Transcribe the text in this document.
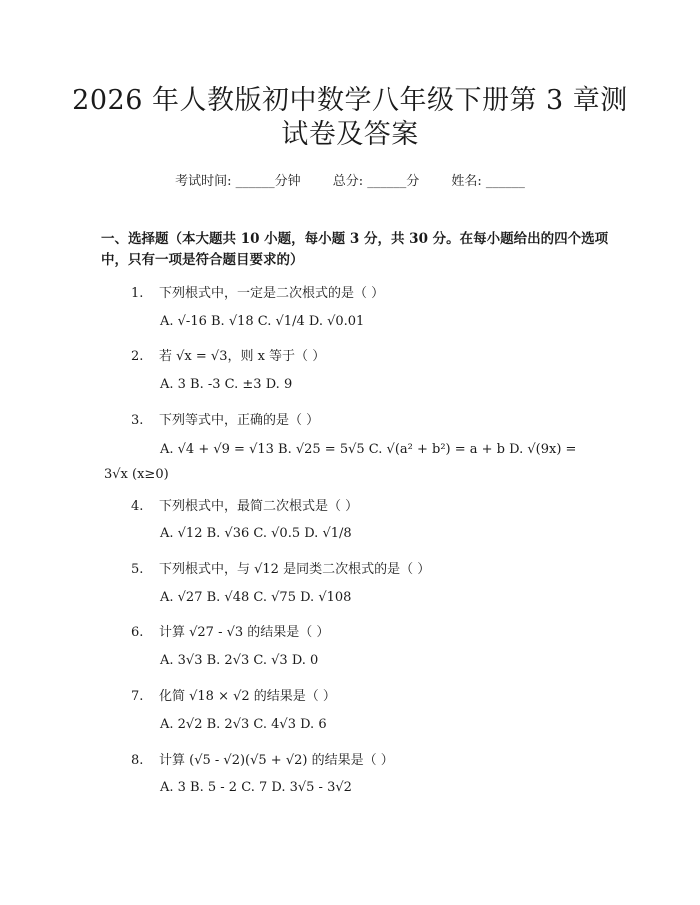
2026 年人教版初中数学八年级下册第 3 章测试卷及答案
考试时间: ______分钟 总分: ______分 姓名: ______
一、选择题（本大题共 10 小题，每小题 3 分，共 30 分。在每小题给出的四个选项中，只有一项是符合题目要求的）
1. 下列根式中，一定是二次根式的是（ ）
A. √-16 B. √18 C. √1/4 D. √0.01
2. 若 √x = √3，则 x 等于（ ）
A. 3 B. -3 C. ±3 D. 9
3. 下列等式中，正确的是（ ）
A. √4 + √9 = √13 B. √25 = 5√5 C. √(a² + b²) = a + b D. √(9x) = 3√x (x≥0)
4. 下列根式中，最简二次根式是（ ）
A. √12 B. √36 C. √0.5 D. √1/8
5. 下列根式中，与 √12 是同类二次根式的是（ ）
A. √27 B. √48 C. √75 D. √108
6. 计算 √27 - √3 的结果是（ ）
A. 3√3 B. 2√3 C. √3 D. 0
7. 化简 √18 × √2 的结果是（ ）
A. 2√2 B. 2√3 C. 4√3 D. 6
8. 计算 (√5 - √2)(√5 + √2) 的结果是（ ）
A. 3 B. 5 - 2 C. 7 D. 3√5 - 3√2
